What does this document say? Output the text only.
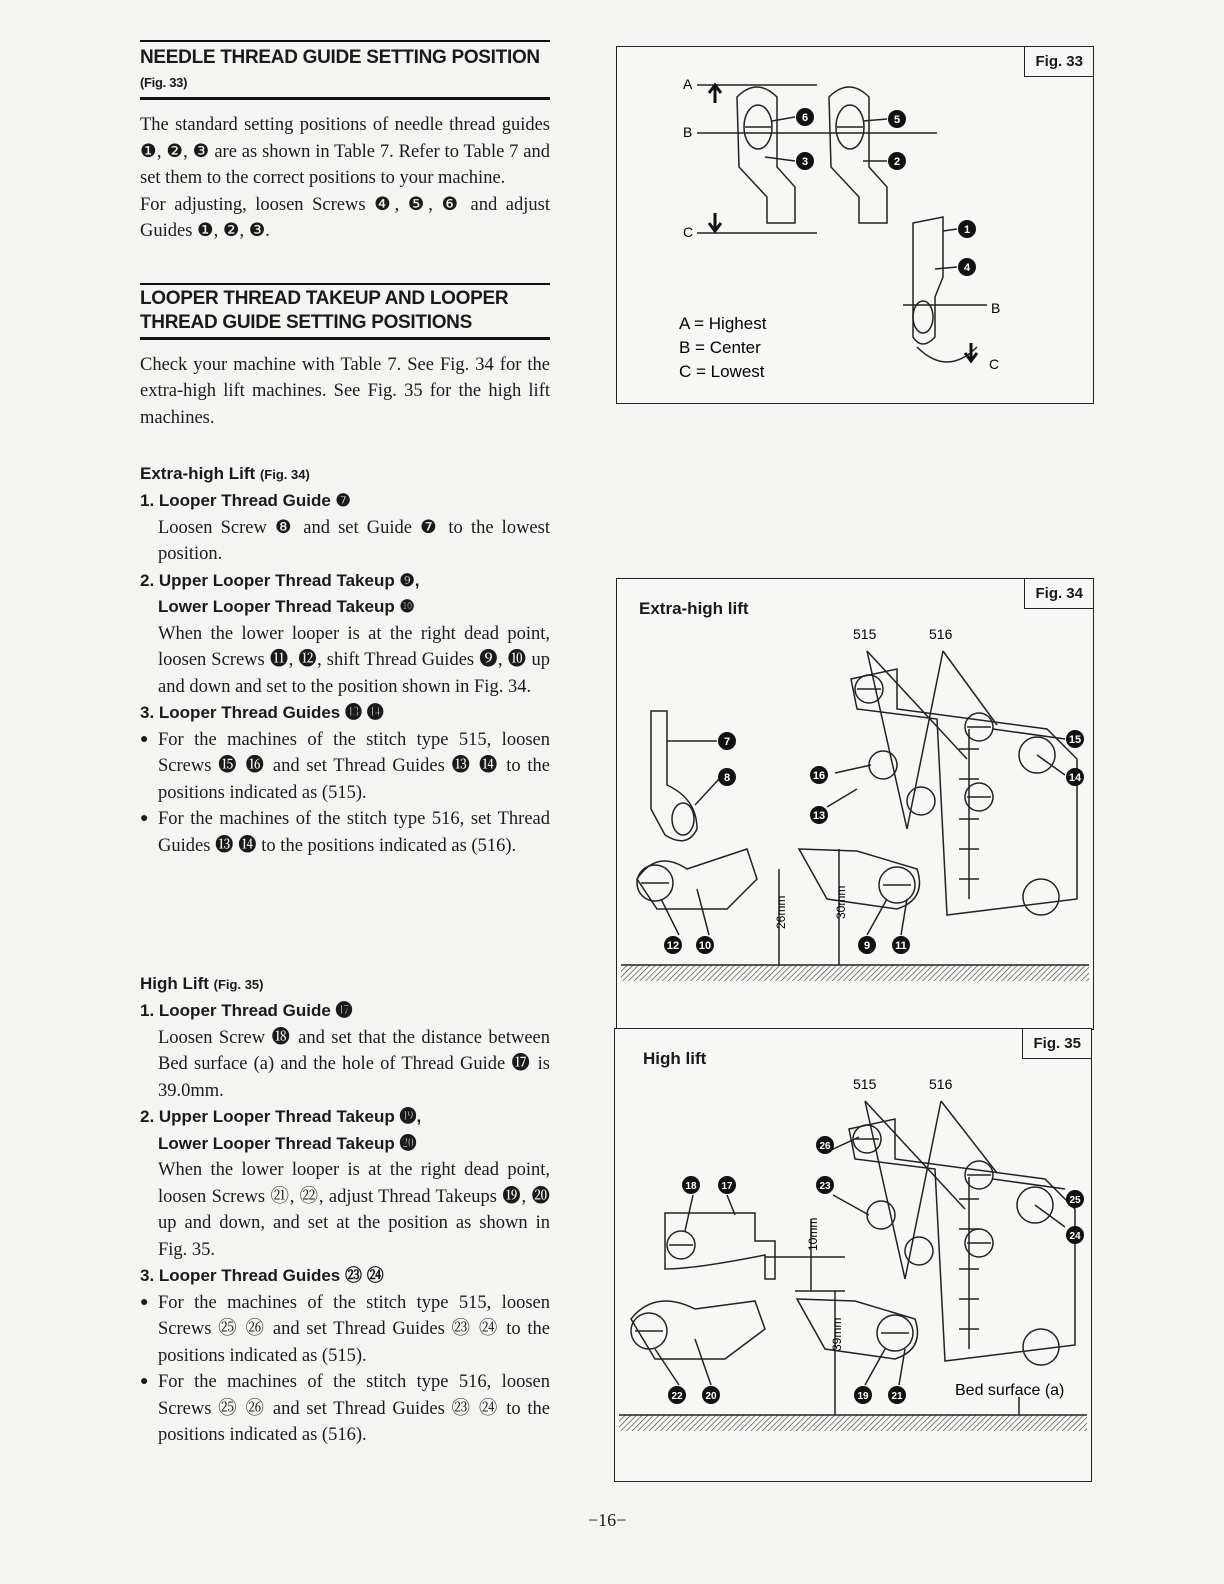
NEEDLE THREAD GUIDE SETTING POSITION (Fig. 33)

The standard setting positions of needle thread guides ❶, ❷, ❸ are as shown in Table 7. Refer to Table 7 and set them to the correct positions to your machine.

For adjusting, loosen Screws ❹, ❺, ❻ and adjust Guides ❶, ❷, ❸.

LOOPER THREAD TAKEUP AND LOOPER
THREAD GUIDE SETTING POSITIONS

Check your machine with Table 7. See Fig. 34 for the extra-high lift machines. See Fig. 35 for the high lift machines.

Extra-high Lift (Fig. 34)
1. Looper Thread Guide ❼

Loosen Screw ❽ and set Guide ❼ to the lowest position.

2. Upper Looper Thread Takeup ❾,
Lower Looper Thread Takeup ❿

When the lower looper is at the right dead point, loosen Screws ⓫, ⓬, shift Thread Guides ❾, ❿ up and down and set to the position shown in Fig. 34.

3. Looper Thread Guides ⓭ ⓮

● For the machines of the stitch type 515, loosen Screws ⓯ ⓰ and set Thread Guides ⓭ ⓮ to the positions indicated as (515).

● For the machines of the stitch type 516, set Thread Guides ⓭ ⓮ to the positions indicated as (516).

High Lift (Fig. 35)
1. Looper Thread Guide ⓱

Loosen Screw ⓲ and set that the distance between Bed surface (a) and the hole of Thread Guide ⓱ is 39.0mm.

2. Upper Looper Thread Takeup ⓳,
Lower Looper Thread Takeup ⓴

When the lower looper is at the right dead point, loosen Screws ㉑, ㉒, adjust Thread Takeups ⓳, ⓴ up and down, and set at the position as shown in Fig. 35.

3. Looper Thread Guides ㉓ ㉔

● For the machines of the stitch type 515, loosen Screws ㉕ ㉖ and set Thread Guides ㉓ ㉔ to the positions indicated as (515).

● For the machines of the stitch type 516, loosen Screws ㉕ ㉖ and set Thread Guides ㉓ ㉔ to the positions indicated as (516).

Fig. 33
A
B
C
B
C
A = Highest
B = Center
C = Lowest
6
3
5
2
1
4
Fig. 34
Extra-high lift
515	516
26mm	30mm
7
8
12 10	9 11
15
14
16
13
Fig. 35
High lift
515	516
10mm
39mm
Bed surface (a)
18 17
22 20	19 21
25
24
23
26
−16−
